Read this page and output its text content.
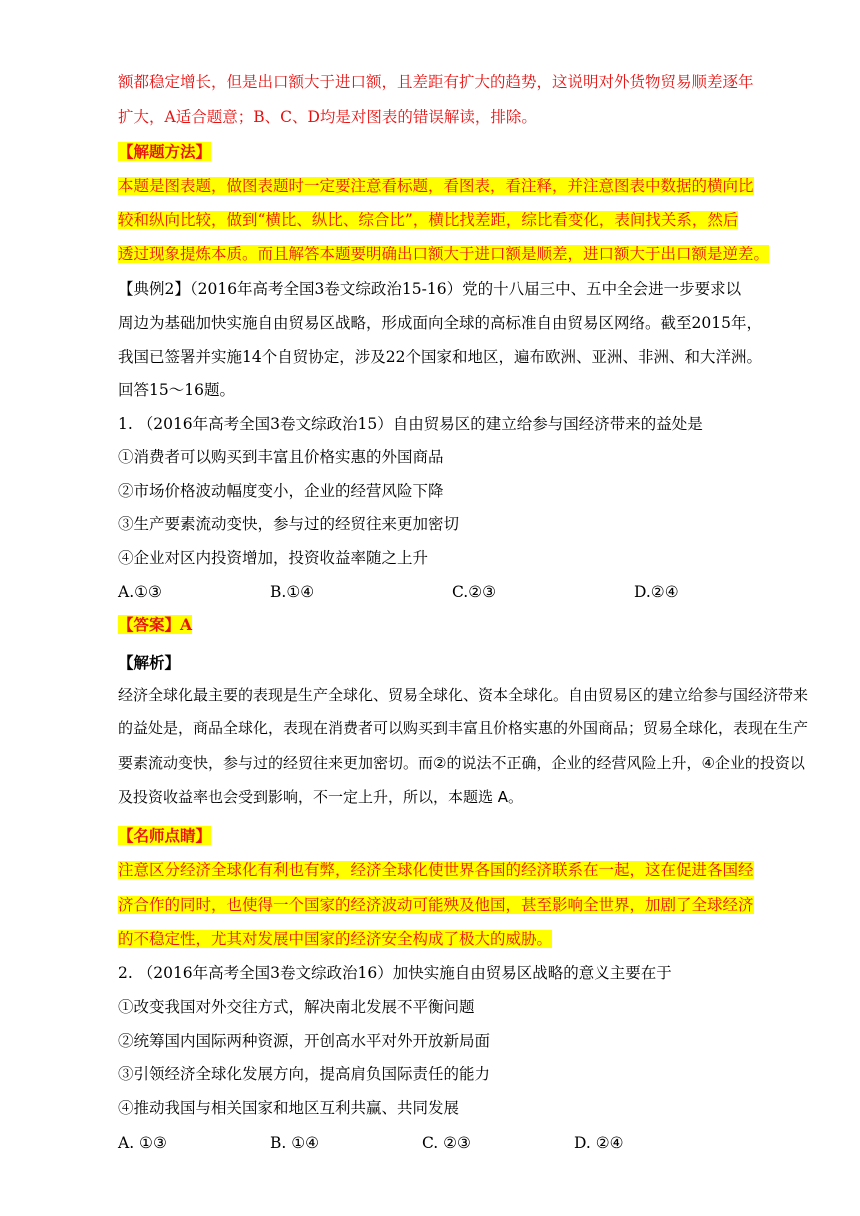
额都稳定增长，但是出口额大于进口额，且差距有扩大的趋势，这说明对外货物贸易顺差逐年
扩大，A适合题意；B、C、D均是对图表的错误解读，排除。
【解题方法】
本题是图表题，做图表题时一定要注意看标题，看图表，看注释，并注意图表中数据的横向比
较和纵向比较，做到“横比、纵比、综合比”，横比找差距，综比看变化，表间找关系，然后
透过现象提炼本质。而且解答本题要明确出口额大于进口额是顺差，进口额大于出口额是逆差。
【典例2】（2016年高考全国3卷文综政治15-16）党的十八届三中、五中全会进一步要求以
周边为基础加快实施自由贸易区战略，形成面向全球的高标准自由贸易区网络。截至2015年，
我国已签署并实施14个自贸协定，涉及22个国家和地区，遍布欧洲、亚洲、非洲、和大洋洲。
回答15～16题。
1. （2016年高考全国3卷文综政治15）自由贸易区的建立给参与国经济带来的益处是
①消费者可以购买到丰富且价格实惠的外国商品
②市场价格波动幅度变小，企业的经营风险下降
③生产要素流动变快，参与过的经贸往来更加密切
④企业对区内投资增加，投资收益率随之上升
A.①③	B.①④	C.②③	D.②④
【答案】A
【解析】
经济全球化最主要的表现是生产全球化、贸易全球化、资本全球化。自由贸易区的建立给参与国经济带来
的益处是，商品全球化，表现在消费者可以购买到丰富且价格实惠的外国商品；贸易全球化，表现在生产
要素流动变快，参与过的经贸往来更加密切。而②的说法不正确，企业的经营风险上升，④企业的投资以
及投资收益率也会受到影响，不一定上升，所以，本题选 A。
【名师点睛】
注意区分经济全球化有利也有弊，经济全球化使世界各国的经济联系在一起，这在促进各国经
济合作的同时，也使得一个国家的经济波动可能殃及他国，甚至影响全世界，加剧了全球经济
的不稳定性，尤其对发展中国家的经济安全构成了极大的威胁。
2. （2016年高考全国3卷文综政治16）加快实施自由贸易区战略的意义主要在于
①改变我国对外交往方式，解决南北发展不平衡问题
②统筹国内国际两种资源，开创高水平对外开放新局面
③引领经济全球化发展方向，提高肩负国际责任的能力
④推动我国与相关国家和地区互利共赢、共同发展
A. ①③	B. ①④	C. ②③	D. ②④
